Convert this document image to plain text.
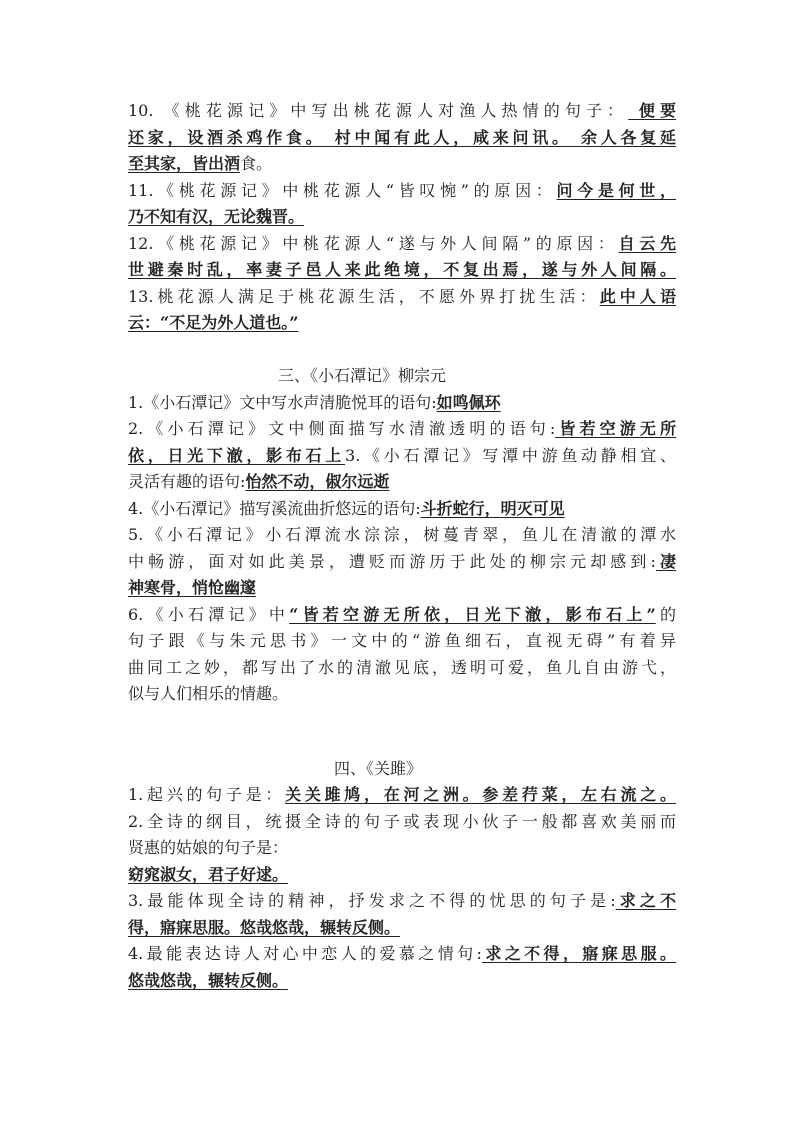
10. 《桃花源记》中写出桃花源人对渔人热情的句子： 便要
还家，设酒杀鸡作食。 村中闻有此人，咸来问讯。 余人各复延
至其家，皆出酒食。
11.《桃花源记》中桃花源人“皆叹惋”的原因：问今是何世，
乃不知有汉，无论魏晋。
12.《桃花源记》中桃花源人“遂与外人间隔”的原因：自云先
世避秦时乱，率妻子邑人来此绝境，不复出焉，遂与外人间隔。
13.桃花源人满足于桃花源生活，不愿外界打扰生活：此中人语
云：“不足为外人道也。”
三、《小石潭记》柳宗元
1.《小石潭记》文中写水声清脆悦耳的语句:如鸣佩环
2.《小石潭记》文中侧面描写水清澈透明的语句:皆若空游无所
依，日光下澈，影布石上3.《小石潭记》写潭中游鱼动静相宜、
灵活有趣的语句:怡然不动，俶尔远逝
4.《小石潭记》描写溪流曲折悠远的语句:斗折蛇行，明灭可见
5.《小石潭记》小石潭流水淙淙，树蔓青翠，鱼儿在清澈的潭水
中畅游，面对如此美景，遭贬而游历于此处的柳宗元却感到:凄
神寒骨，悄怆幽邃
6.《小石潭记》中“皆若空游无所依，日光下澈，影布石上”的
句子跟《与朱元思书》一文中的“游鱼细石，直视无碍”有着异
曲同工之妙，都写出了水的清澈见底，透明可爱，鱼儿自由游弋，
似与人们相乐的情趣。
四、《关雎》
1.起兴的句子是：关关雎鸠，在河之洲。参差荇菜，左右流之。
2.全诗的纲目，统摄全诗的句子或表现小伙子一般都喜欢美丽而
贤惠的姑娘的句子是：
窈窕淑女，君子好逑。
3.最能体现全诗的精神，抒发求之不得的忧思的句子是:求之不
得，寤寐思服。悠哉悠哉，辗转反侧。
4.最能表达诗人对心中恋人的爱慕之情句:求之不得，寤寐思服。
悠哉悠哉，辗转反侧。
